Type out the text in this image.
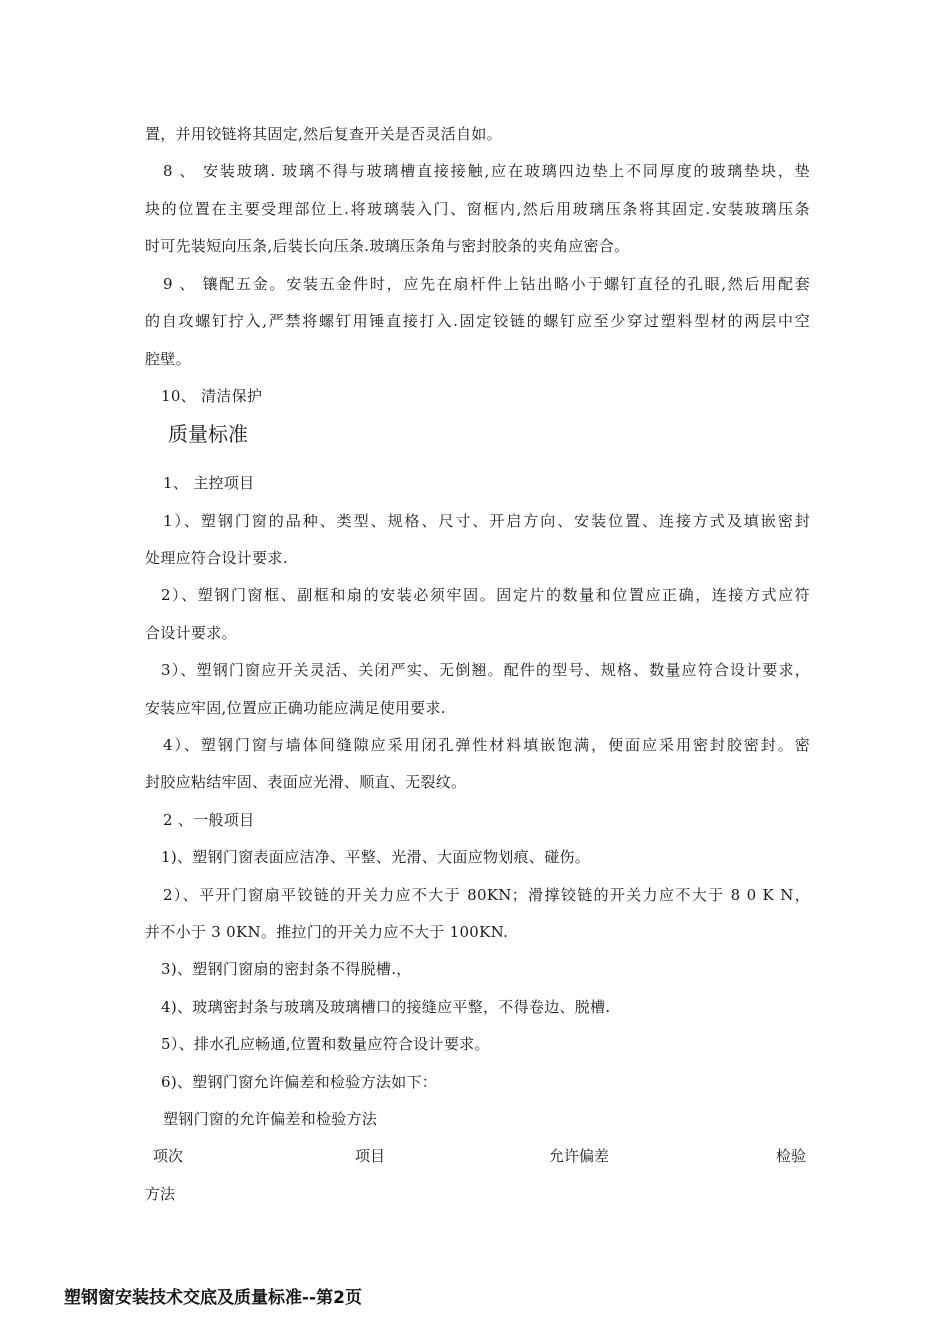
置，并用铰链将其固定,然后复查开关是否灵活自如。
8 、 安装玻璃. 玻璃不得与玻璃槽直接接触,应在玻璃四边垫上不同厚度的玻璃垫块，垫
块的位置在主要受理部位上.将玻璃装入门、窗框内,然后用玻璃压条将其固定.安装玻璃压条
时可先装短向压条,后装长向压条.玻璃压条角与密封胶条的夹角应密合。
9 、 镶配五金。安装五金件时，应先在扇杆件上钻出略小于螺钉直径的孔眼,然后用配套
的自攻螺钉拧入,严禁将螺钉用锤直接打入.固定铰链的螺钉应至少穿过塑料型材的两层中空
腔壁。
10、 清洁保护
质量标准
1、 主控项目
1）、塑钢门窗的品种、类型、规格、尺寸、开启方向、安装位置、连接方式及填嵌密封
处理应符合设计要求.
2）、塑钢门窗框、副框和扇的安装必须牢固。固定片的数量和位置应正确，连接方式应符
合设计要求。
3）、塑钢门窗应开关灵活、关闭严实、无倒翘。配件的型号、规格、数量应符合设计要求，
安装应牢固,位置应正确功能应满足使用要求.
4）、塑钢门窗与墙体间缝隙应采用闭孔弹性材料填嵌饱满，便面应采用密封胶密封。密
封胶应粘结牢固、表面应光滑、顺直、无裂纹。
2 、一般项目
1)、塑钢门窗表面应洁净、平整、光滑、大面应物划痕、碰伤。
2）、平开门窗扇平铰链的开关力应不大于 80KN；滑撑铰链的开关力应不大于 8 0 K N，
并不小于 3 0KN。推拉门的开关力应不大于 100KN.
3)、塑钢门窗扇的密封条不得脱槽.，
4)、玻璃密封条与玻璃及玻璃槽口的接缝应平整，不得卷边、脱槽.
5）、排水孔应畅通,位置和数量应符合设计要求。
6)、塑钢门窗允许偏差和检验方法如下：
塑钢门窗的允许偏差和检验方法
项次	项目	允许偏差	检验
方法
塑钢窗安装技术交底及质量标准--第2页
